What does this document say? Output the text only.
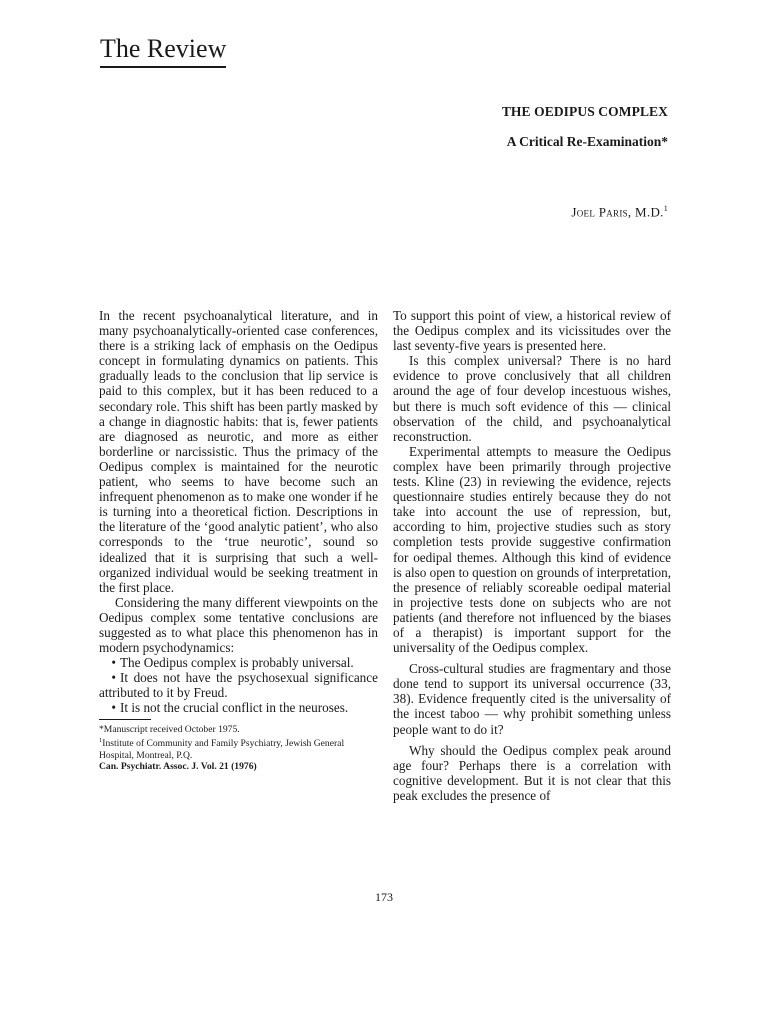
The Review
THE OEDIPUS COMPLEX
A Critical Re-Examination*
Joel Paris, M.D.$^1$

In the recent psychoanalytical literature, and in many psychoanalytically-oriented case conferences, there is a striking lack of emphasis on the Oedipus concept in formulating dynamics on patients. This gradually leads to the conclusion that lip service is paid to this complex, but it has been reduced to a secondary role. This shift has been partly masked by a change in diagnostic habits: that is, fewer patients are diagnosed as neurotic, and more as either borderline or narcissistic. Thus the primacy of the Oedipus complex is maintained for the neurotic patient, who seems to have become such an infrequent phenomenon as to make one wonder if he is turning into a theoretical fiction. Descriptions in the literature of the ‘good analytic patient’, who also corresponds to the ‘true neurotic’, sound so idealized that it is surprising that such a well-organized individual would be seeking treatment in the first place.

Considering the many different viewpoints on the Oedipus complex some tentative conclusions are suggested as to what place this phenomenon has in modern psychodynamics:

• The Oedipus complex is probably universal.

• It does not have the psychosexual significance attributed to it by Freud.

• It is not the crucial conflict in the neuroses.

*Manuscript received October 1975.

$^1$Institute of Community and Family Psychiatry, Jewish General Hospital, Montreal, P.Q.

Can. Psychiatr. Assoc. J. Vol. 21 (1976)

To support this point of view, a historical review of the Oedipus complex and its vicissitudes over the last seventy-five years is presented here.

Is this complex universal? There is no hard evidence to prove conclusively that all children around the age of four develop incestuous wishes, but there is much soft evidence of this — clinical observation of the child, and psychoanalytical reconstruction.

Experimental attempts to measure the Oedipus complex have been primarily through projective tests. Kline (23) in reviewing the evidence, rejects questionnaire studies entirely because they do not take into account the use of repression, but, according to him, projective studies such as story completion tests provide suggestive confirmation for oedipal themes. Although this kind of evidence is also open to question on grounds of interpretation, the presence of reliably scoreable oedipal material in projective tests done on subjects who are not patients (and therefore not influenced by the biases of a therapist) is important support for the universality of the Oedipus complex.

Cross-cultural studies are fragmentary and those done tend to support its universal occurrence (33, 38). Evidence frequently cited is the universality of the incest taboo — why prohibit something unless people want to do it?

Why should the Oedipus complex peak around age four? Perhaps there is a correlation with cognitive development. But it is not clear that this peak excludes the presence of

173
